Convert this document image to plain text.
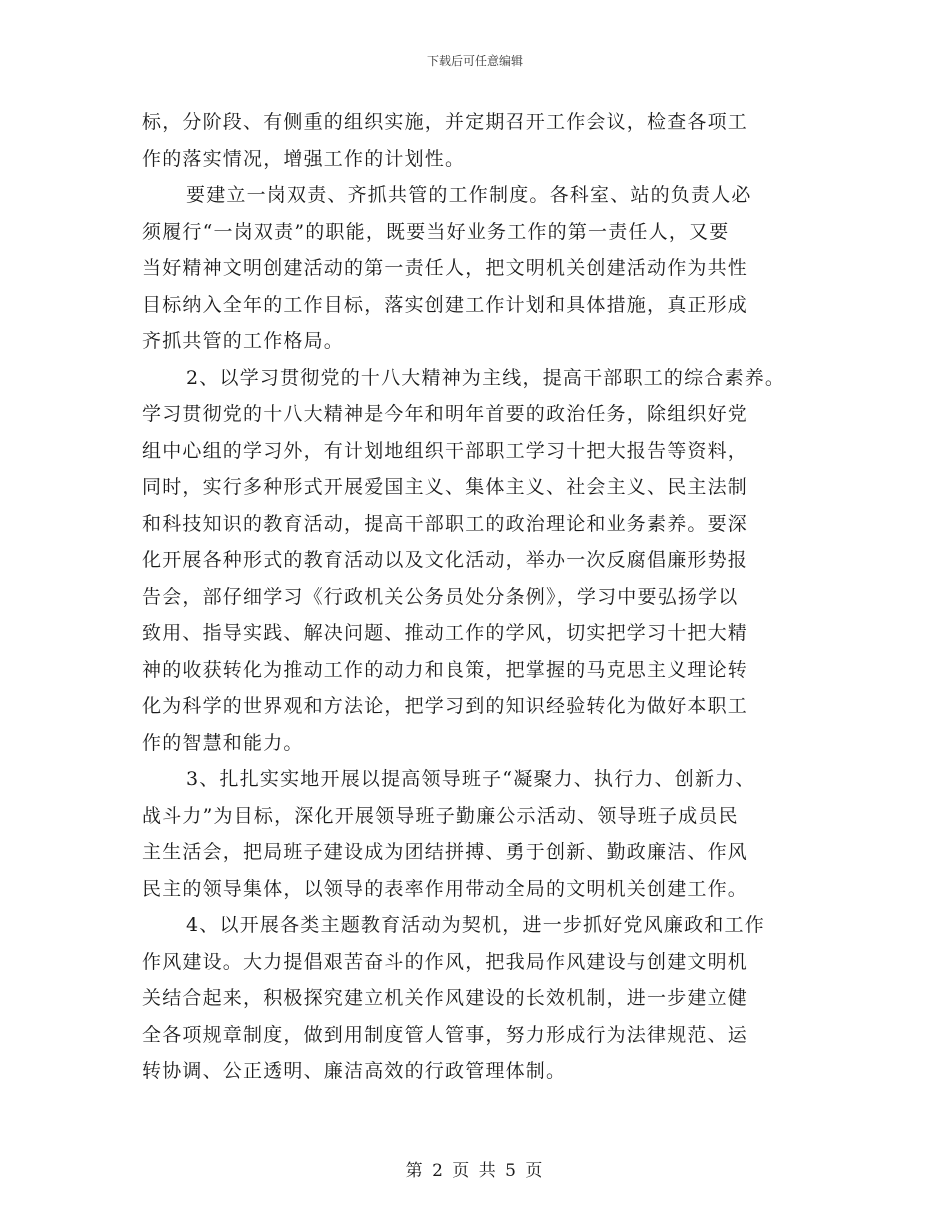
下载后可任意编辑
标，分阶段、有侧重的组织实施，并定期召开工作会议，检查各项工
作的落实情况，增强工作的计划性。
要建立一岗双责、齐抓共管的工作制度。各科室、站的负责人必
须履行“一岗双责”的职能，既要当好业务工作的第一责任人，又要
当好精神文明创建活动的第一责任人，把文明机关创建活动作为共性
目标纳入全年的工作目标，落实创建工作计划和具体措施，真正形成
齐抓共管的工作格局。
2、以学习贯彻党的十八大精神为主线，提高干部职工的综合素养。
学习贯彻党的十八大精神是今年和明年首要的政治任务，除组织好党
组中心组的学习外，有计划地组织干部职工学习十把大报告等资料，
同时，实行多种形式开展爱国主义、集体主义、社会主义、民主法制
和科技知识的教育活动，提高干部职工的政治理论和业务素养。要深
化开展各种形式的教育活动以及文化活动，举办一次反腐倡廉形势报
告会，部仔细学习《行政机关公务员处分条例》，学习中要弘扬学以
致用、指导实践、解决问题、推动工作的学风，切实把学习十把大精
神的收获转化为推动工作的动力和良策，把掌握的马克思主义理论转
化为科学的世界观和方法论，把学习到的知识经验转化为做好本职工
作的智慧和能力。
3、扎扎实实地开展以提高领导班子“凝聚力、执行力、创新力、
战斗力”为目标，深化开展领导班子勤廉公示活动、领导班子成员民
主生活会，把局班子建设成为团结拼搏、勇于创新、勤政廉洁、作风
民主的领导集体，以领导的表率作用带动全局的文明机关创建工作。
4、以开展各类主题教育活动为契机，进一步抓好党风廉政和工作
作风建设。大力提倡艰苦奋斗的作风，把我局作风建设与创建文明机
关结合起来，积极探究建立机关作风建设的长效机制，进一步建立健
全各项规章制度，做到用制度管人管事，努力形成行为法律规范、运
转协调、公正透明、廉洁高效的行政管理体制。
第 2 页 共 5 页
